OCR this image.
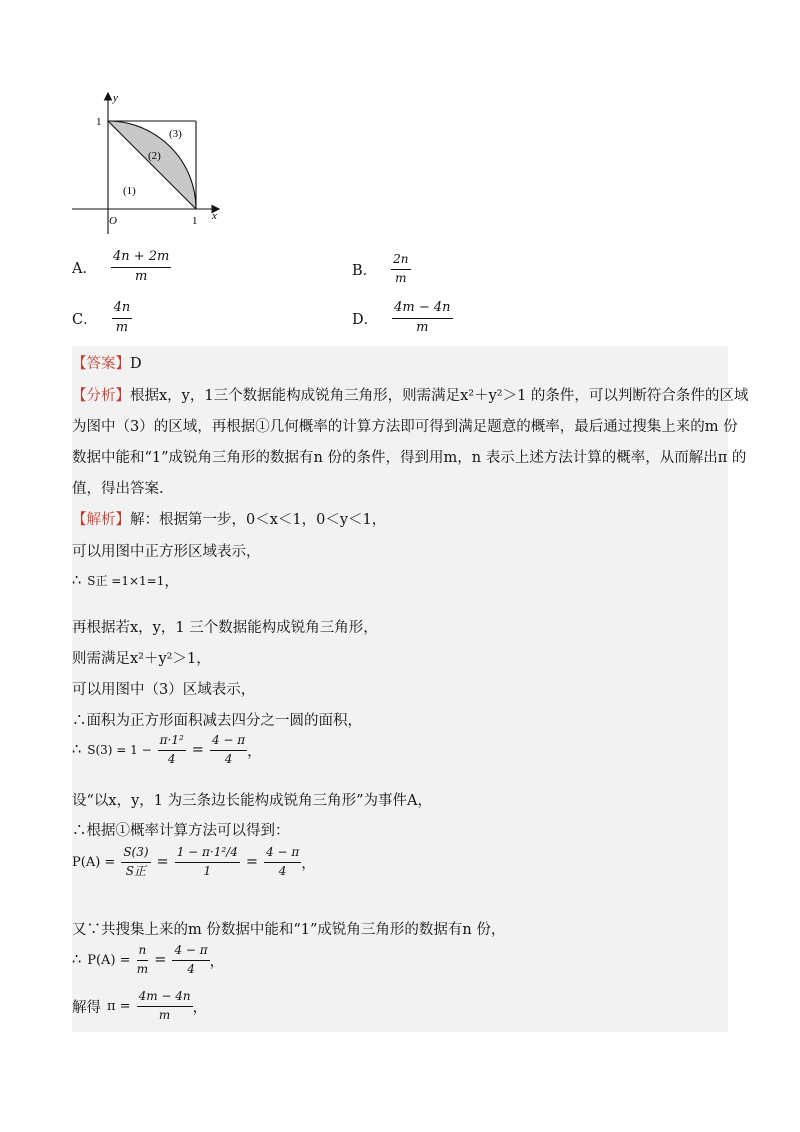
y
x
O	1
1
(1)
(2)
(3)
A． $\frac{4n + 2m}{m}$	B． $\frac{2n}{m}$
C． $\frac{4n}{m}$	D． $\frac{4m - 4n}{m}$
【答案】D
【分析】根据x，y，1三个数据能构成锐角三角形，则需满足x²＋y²＞1 的条件，可以判断符合条件的区域
为图中（3）的区域，再根据①几何概率的计算方法即可得到满足题意的概率，最后通过搜集上来的m 份
数据中能和“1”成锐角三角形的数据有n 份的条件，得到用m，n 表示上述方法计算的概率，从而解出π 的
值，得出答案.
【解析】解：根据第一步，0＜x＜1，0＜y＜1，
可以用图中正方形区域表示，
∴ S正 =1×1=1 ，
再根据若x，y，1 三个数据能构成锐角三角形，
则需满足x²＋y²＞1，
可以用图中（3）区域表示，
∴面积为正方形面积减去四分之一圆的面积，
∴ $S(3) = 1 - \frac{\text{π·1²}}{4} = \frac{4 - \pi}{4}$ ，
设“以x，y，1 为三条边长能构成锐角三角形”为事件A，
∴根据①概率计算方法可以得到：
$P(A) = \frac{S(3)}{\text{S正}} = \frac{\text{1 − π·1²/4}}{1} = \frac{4 - \pi}{4}$ ，
又∵共搜集上来的m 份数据中能和“1”成锐角三角形的数据有n 份，
∴ $P(A) = \frac{n}{m} = \frac{4 - \pi}{4}$ ，
解得 $\pi = \frac{4m - 4n}{m}$ ，
